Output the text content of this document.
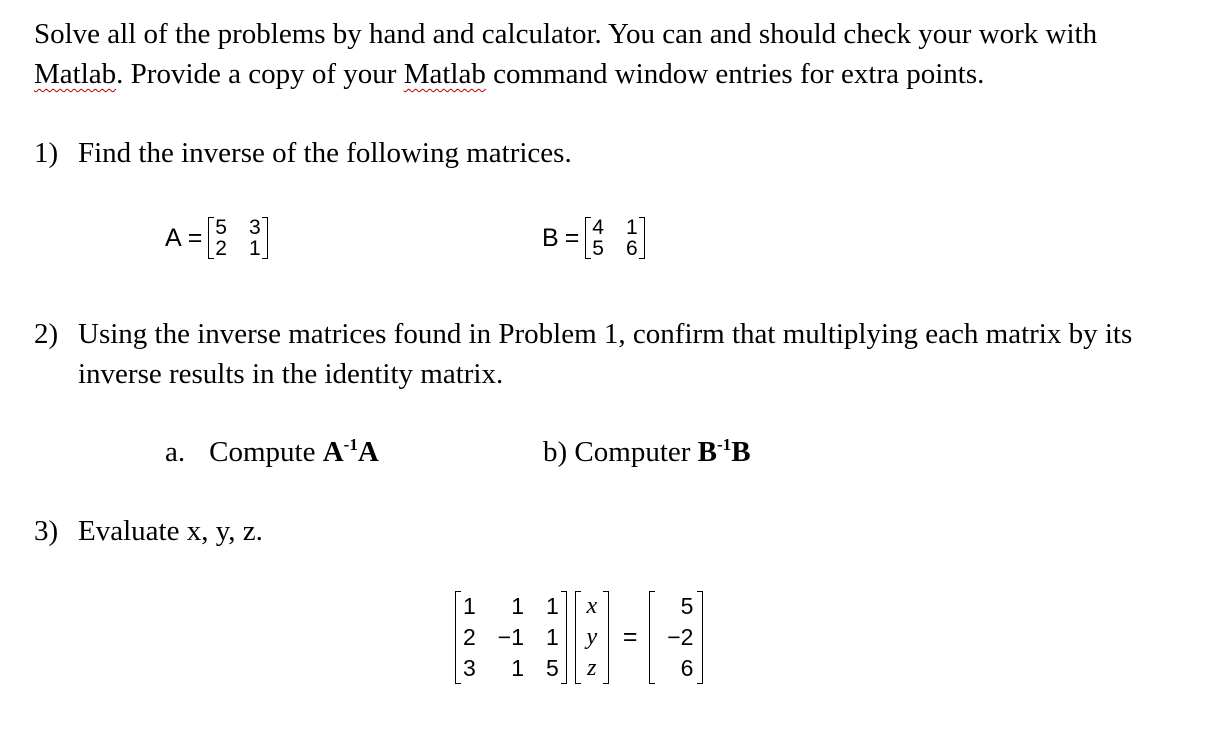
Solve all of the problems by hand and calculator. You can and should check your work with
Matlab. Provide a copy of your Matlab command window entries for extra points.
1) Find the inverse of the following matrices.
A = 5 3
2 1	B = 4 1
5 6
2) Using the inverse matrices found in Problem 1, confirm that multiplying each matrix by its
inverse results in the identity matrix.
a. Compute $A^{-1}A$	b) Computer $B^{-1}B$
3) Evaluate x, y, z.
1	1 1
2 −1 1
3	1 5
x
y
z
=
5
−2
6
